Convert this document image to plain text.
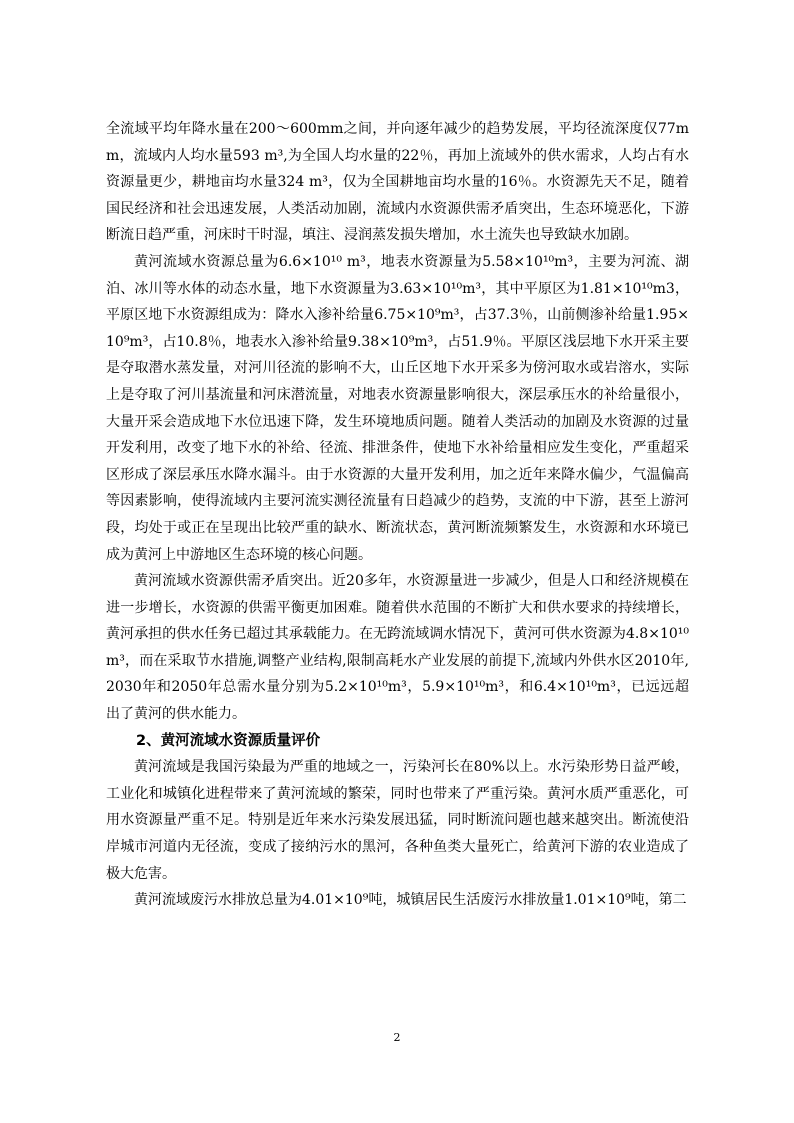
全流域平均年降水量在200～600mm之间，并向逐年减少的趋势发展，平均径流深度仅77mm，流域内人均水量593 m³,为全国人均水量的22％，再加上流域外的供水需求，人均占有水资源量更少，耕地亩均水量324 m³，仅为全国耕地亩均水量的16％。水资源先天不足，随着国民经济和社会迅速发展，人类活动加剧，流域内水资源供需矛盾突出，生态环境恶化，下游断流日趋严重，河床时干时湿，填注、浸润蒸发损失增加，水土流失也导致缺水加剧。

黄河流域水资源总量为6.6×10¹⁰ m³，地表水资源量为5.58×10¹⁰m³，主要为河流、湖泊、冰川等水体的动态水量，地下水资源量为3.63×10¹⁰m³，其中平原区为1.81×10¹⁰m3，平原区地下水资源组成为：降水入渗补给量6.75×10⁹m³，占37.3％，山前侧渗补给量1.95×10⁹m³，占10.8％，地表水入渗补给量9.38×10⁹m³，占51.9％。平原区浅层地下水开采主要是夺取潜水蒸发量，对河川径流的影响不大，山丘区地下水开采多为傍河取水或岩溶水，实际上是夺取了河川基流量和河床潜流量，对地表水资源量影响很大，深层承压水的补给量很小，大量开采会造成地下水位迅速下降，发生环境地质问题。随着人类活动的加剧及水资源的过量开发利用，改变了地下水的补给、径流、排泄条件，使地下水补给量相应发生变化，严重超采区形成了深层承压水降水漏斗。由于水资源的大量开发利用，加之近年来降水偏少，气温偏高等因素影响，使得流域内主要河流实测径流量有日趋减少的趋势，支流的中下游，甚至上游河段，均处于或正在呈现出比较严重的缺水、断流状态，黄河断流频繁发生，水资源和水环境已成为黄河上中游地区生态环境的核心问题。

黄河流域水资源供需矛盾突出。近20多年，水资源量进一步减少，但是人口和经济规模在进一步增长，水资源的供需平衡更加困难。随着供水范围的不断扩大和供水要求的持续增长，黄河承担的供水任务已超过其承载能力。在无跨流域调水情况下，黄河可供水资源为4.8×10¹⁰m³，而在采取节水措施,调整产业结构,限制高耗水产业发展的前提下,流域内外供水区2010年,2030年和2050年总需水量分别为5.2×10¹⁰m³，5.9×10¹⁰m³，和6.4×10¹⁰m³，已远远超出了黄河的供水能力。

2、黄河流域水资源质量评价

黄河流域是我国污染最为严重的地域之一，污染河长在80%以上。水污染形势日益严峻，工业化和城镇化进程带来了黄河流域的繁荣，同时也带来了严重污染。黄河水质严重恶化，可用水资源量严重不足。特别是近年来水污染发展迅猛，同时断流问题也越来越突出。断流使沿岸城市河道内无径流，变成了接纳污水的黑河，各种鱼类大量死亡，给黄河下游的农业造成了极大危害。

黄河流域废污水排放总量为4.01×10⁹吨，城镇居民生活废污水排放量1.01×10⁹吨，第二

2
